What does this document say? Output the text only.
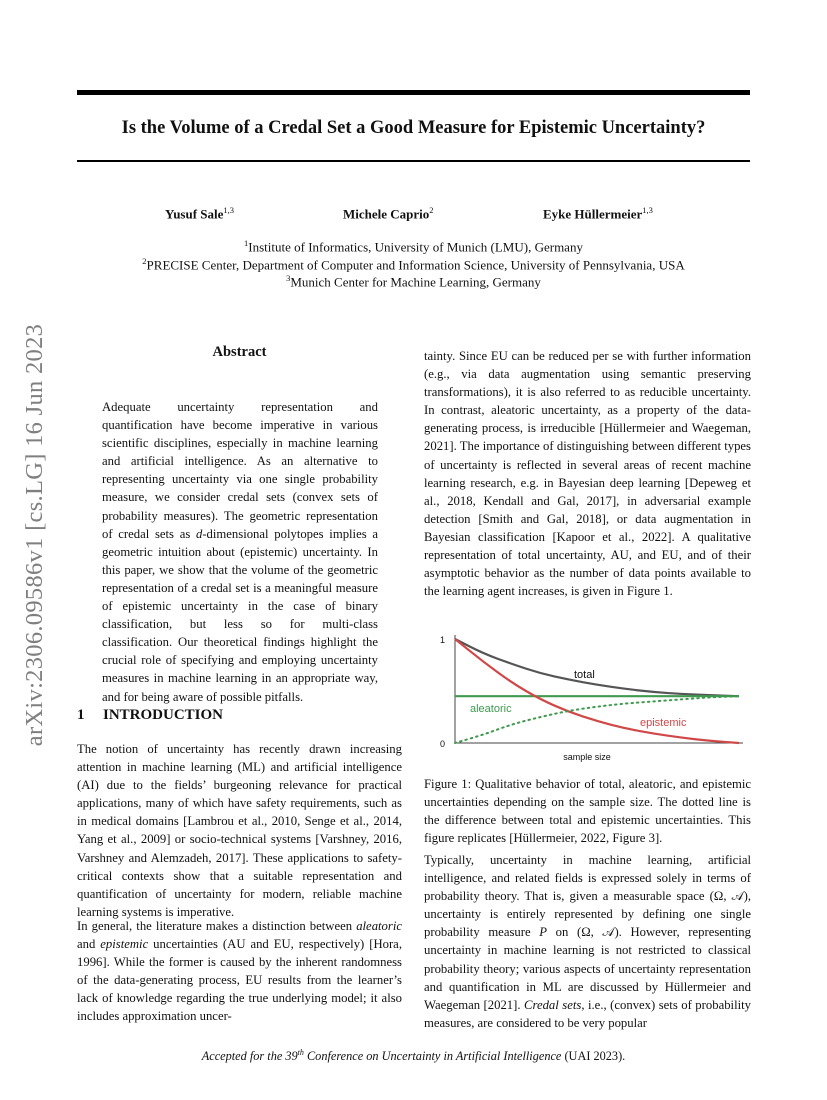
Is the Volume of a Credal Set a Good Measure for Epistemic Uncertainty?
Yusuf Sale$^{1,3}$	Michele Caprio$^2$	Eyke Hüllermeier$^{1,3}$
$^1$Institute of Informatics, University of Munich (LMU), Germany
$^2$PRECISE Center, Department of Computer and Information Science, University of Pennsylvania, USA
$^3$Munich Center for Machine Learning, Germany
arXiv:2306.09586v1 [cs.LG] 16 Jun 2023	Abstract

Adequate uncertainty representation and quantification have become imperative in various scientific disciplines, especially in machine learning and artificial intelligence. As an alternative to representing uncertainty via one single probability measure, we consider credal sets (convex sets of probability measures). The geometric representation of credal sets as d-dimensional polytopes implies a geometric intuition about (epistemic) uncertainty. In this paper, we show that the volume of the geometric representation of a credal set is a meaningful measure of epistemic uncertainty in the case of binary classification, but less so for multi-class classification. Our theoretical findings highlight the crucial role of specifying and employing uncertainty measures in machine learning in an appropriate way, and for being aware of possible pitfalls.

1 INTRODUCTION

The notion of uncertainty has recently drawn increasing attention in machine learning (ML) and artificial intelligence (AI) due to the fields’ burgeoning relevance for practical applications, many of which have safety requirements, such as in medical domains [Lambrou et al., 2010, Senge et al., 2014, Yang et al., 2009] or socio-technical systems [Varshney, 2016, Varshney and Alemzadeh, 2017]. These applications to safety-critical contexts show that a suitable representation and quantification of uncertainty for modern, reliable machine learning systems is imperative.

In general, the literature makes a distinction between aleatoric and epistemic uncertainties (AU and EU, respectively) [Hora, 1996]. While the former is caused by the inherent randomness of the data-generating process, EU results from the learner’s lack of knowledge regarding the true underlying model; it also includes approximation uncer-

tainty. Since EU can be reduced per se with further information (e.g., via data augmentation using semantic preserving transformations), it is also referred to as reducible uncertainty. In contrast, aleatoric uncertainty, as a property of the data-generating process, is irreducible [Hüllermeier and Waegeman, 2021]. The importance of distinguishing between different types of uncertainty is reflected in several areas of recent machine learning research, e.g. in Bayesian deep learning [Depeweg et al., 2018, Kendall and Gal, 2017], in adversarial example detection [Smith and Gal, 2018], or data augmentation in Bayesian classification [Kapoor et al., 2022]. A qualitative representation of total uncertainty, AU, and EU, and of their asymptotic behavior as the number of data points available to the learning agent increases, is given in Figure 1.

1
0
sample size
total
aleatoric
epistemic
Figure 1: Qualitative behavior of total, aleatoric, and epistemic uncertainties depending on the sample size. The dotted line is the difference between total and epistemic uncertainties. This figure replicates [Hüllermeier, 2022, Figure 3].

Typically, uncertainty in machine learning, artificial intelligence, and related fields is expressed solely in terms of probability theory. That is, given a measurable space (Ω, 𝒜), uncertainty is entirely represented by defining one single probability measure P on (Ω, 𝒜). However, representing uncertainty in machine learning is not restricted to classical probability theory; various aspects of uncertainty representation and quantification in ML are discussed by Hüllermeier and Waegeman [2021]. Credal sets, i.e., (convex) sets of probability measures, are considered to be very popular

Accepted for the 39th Conference on Uncertainty in Artificial Intelligence (UAI 2023).
